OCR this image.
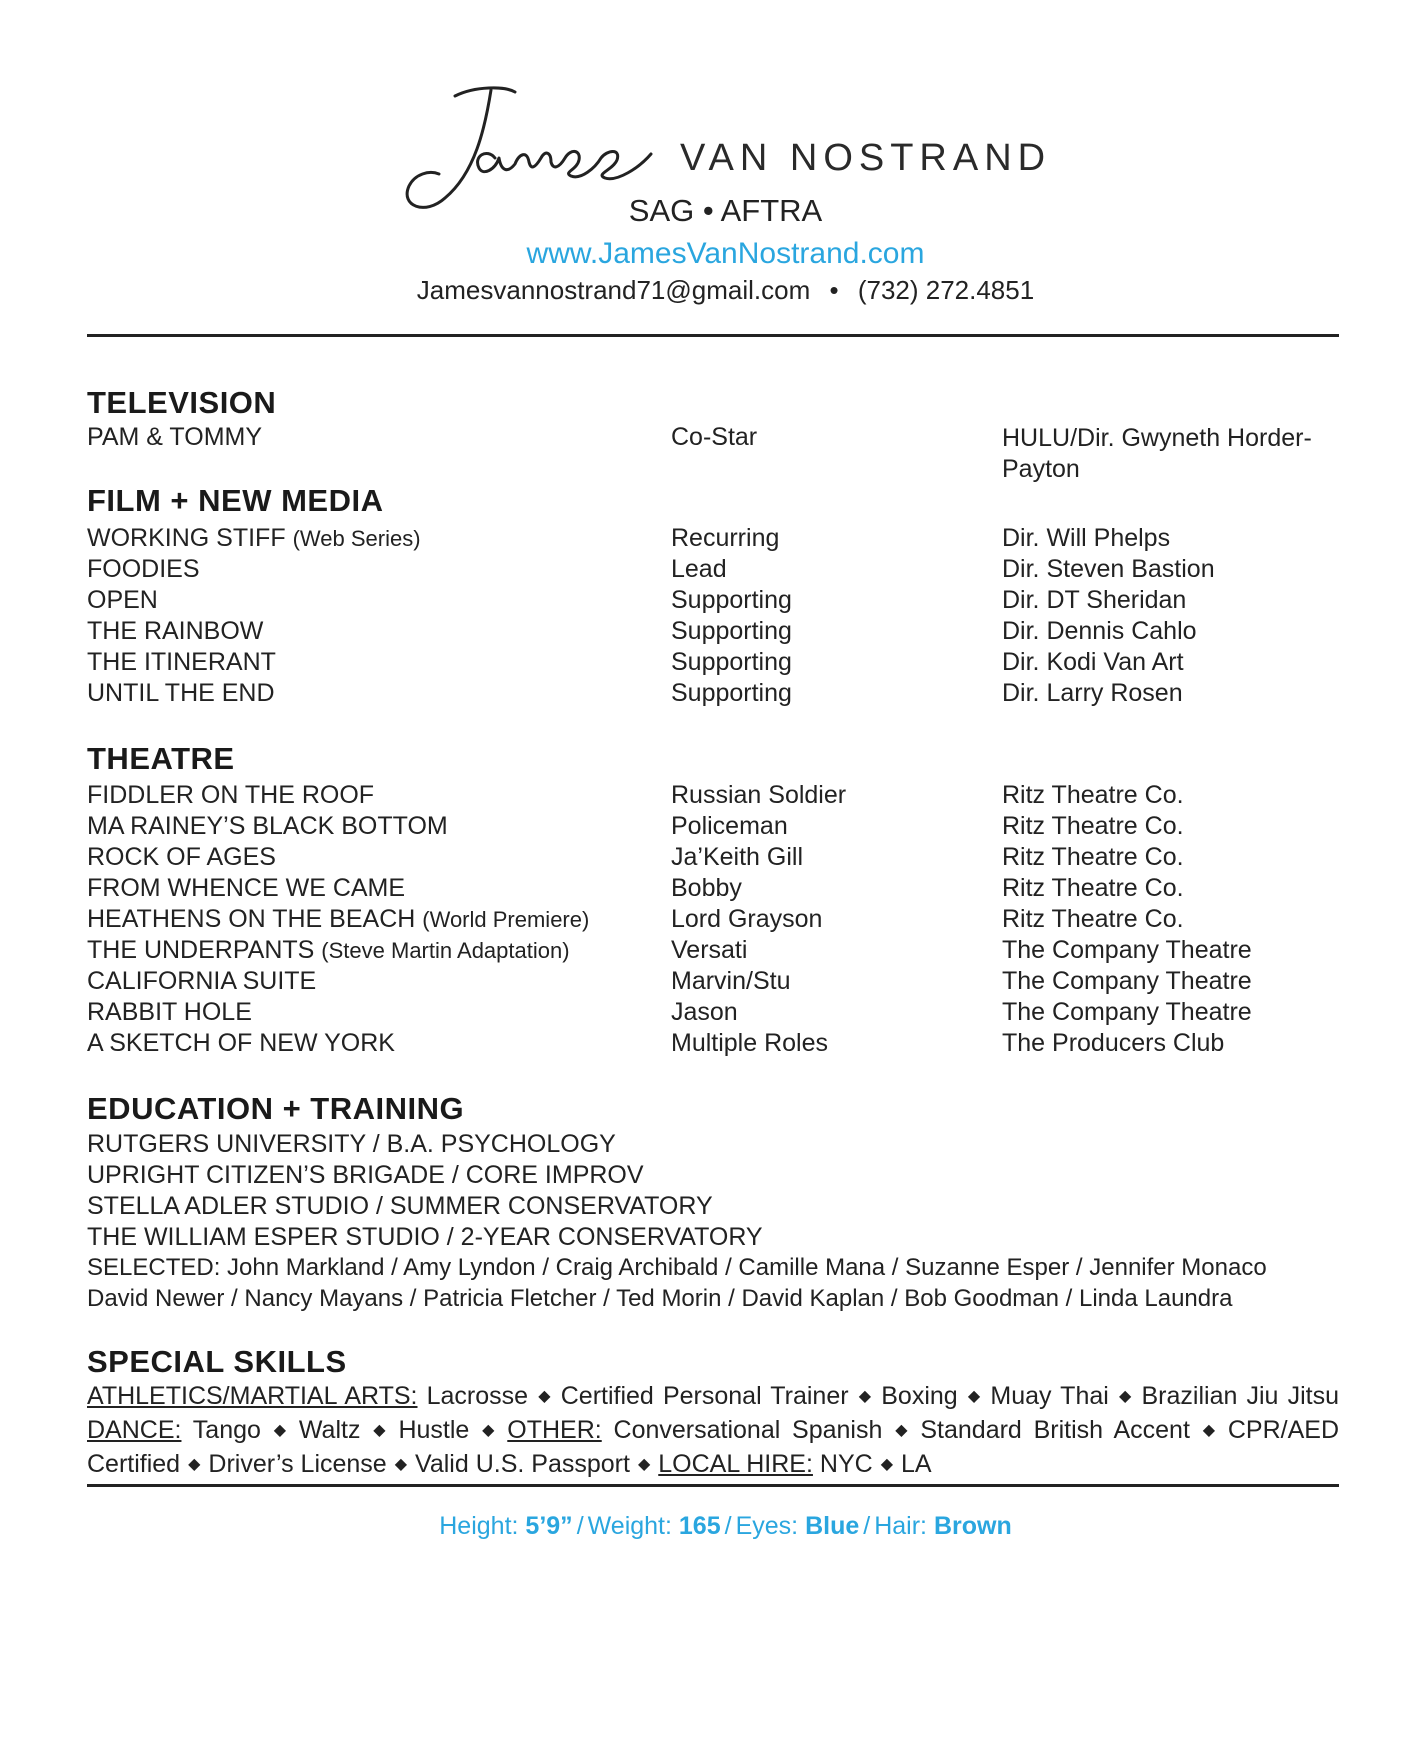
VAN NOSTRAND
SAG • AFTRA
www.JamesVanNostrand.com
Jamesvannostrand71@gmail.com • (732) 272.4851
TELEVISION
PAM & TOMMY	Co-Star	HULU/Dir. Gwyneth Horder-Payton
FILM + NEW MEDIA
WORKING STIFF (Web Series)	Recurring	Dir. Will Phelps
FOODIES	Lead	Dir. Steven Bastion
OPEN	Supporting	Dir. DT Sheridan
THE RAINBOW	Supporting	Dir. Dennis Cahlo
THE ITINERANT	Supporting	Dir. Kodi Van Art
UNTIL THE END	Supporting	Dir. Larry Rosen
THEATRE
FIDDLER ON THE ROOF	Russian Soldier	Ritz Theatre Co.
MA RAINEY’S BLACK BOTTOM	Policeman	Ritz Theatre Co.
ROCK OF AGES	Ja’Keith Gill	Ritz Theatre Co.
FROM WHENCE WE CAME	Bobby	Ritz Theatre Co.
HEATHENS ON THE BEACH (World Premiere)	Lord Grayson	Ritz Theatre Co.
THE UNDERPANTS (Steve Martin Adaptation)	Versati	The Company Theatre
CALIFORNIA SUITE	Marvin/Stu	The Company Theatre
RABBIT HOLE	Jason	The Company Theatre
A SKETCH OF NEW YORK	Multiple Roles	The Producers Club
EDUCATION + TRAINING
RUTGERS UNIVERSITY / B.A. PSYCHOLOGY
UPRIGHT CITIZEN’S BRIGADE / CORE IMPROV
STELLA ADLER STUDIO / SUMMER CONSERVATORY
THE WILLIAM ESPER STUDIO / 2-YEAR CONSERVATORY
SELECTED: John Markland / Amy Lyndon / Craig Archibald / Camille Mana / Suzanne Esper / Jennifer Monaco
David Newer / Nancy Mayans / Patricia Fletcher / Ted Morin / David Kaplan / Bob Goodman / Linda Laundra
SPECIAL SKILLS
ATHLETICS/MARTIAL ARTS: Lacrosse ◆ Certified Personal Trainer ◆ Boxing ◆ Muay Thai ◆ Brazilian Jiu Jitsu DANCE: Tango ◆ Waltz ◆ Hustle ◆ OTHER: Conversational Spanish ◆ Standard British Accent ◆ CPR/AED Certified ◆ Driver’s License ◆ Valid U.S. Passport ◆ LOCAL HIRE: NYC ◆ LA
Height: 5’9” / Weight: 165 / Eyes: Blue / Hair: Brown
